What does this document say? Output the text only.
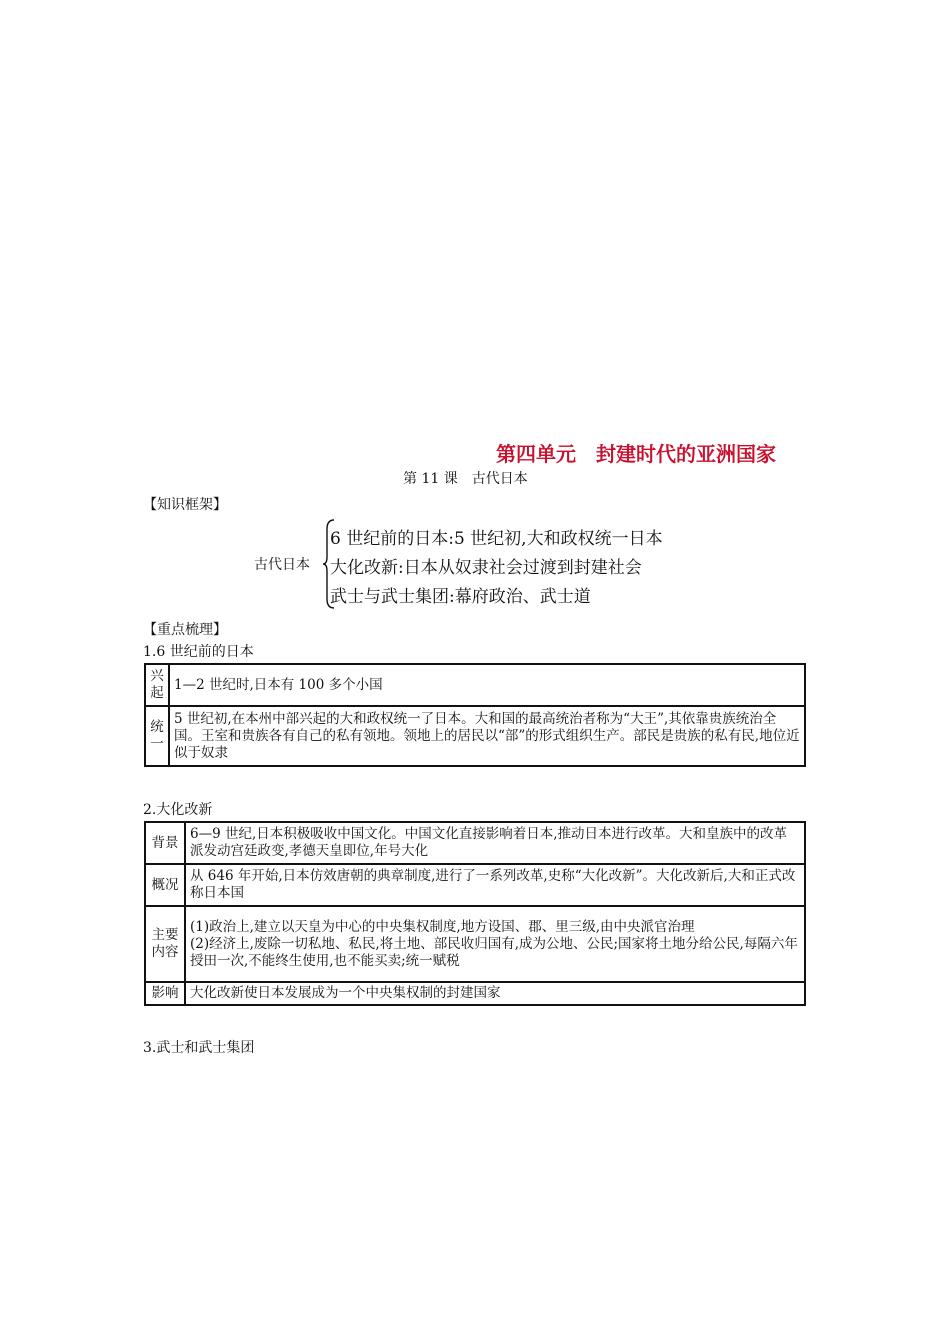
第四单元　封建时代的亚洲国家
第 11 课　古代日本
【知识框架】
古代日本
6 世纪前的日本:5 世纪初,大和政权统一日本
大化改新:日本从奴隶社会过渡到封建社会
武士与武士集团:幕府政治、武士道
【重点梳理】
1.6 世纪前的日本
兴起	1—2 世纪时,日本有 100 多个小国
统一	5 世纪初,在本州中部兴起的大和政权统一了日本。大和国的最高统治者称为“大王”,其依靠贵族统治全国。王室和贵族各有自己的私有领地。领地上的居民以“部”的形式组织生产。部民是贵族的私有民,地位近似于奴隶
2.大化改新
背景	6—9 世纪,日本积极吸收中国文化。中国文化直接影响着日本,推动日本进行改革。大和皇族中的改革派发动宫廷政变,孝德天皇即位,年号大化
概况	从 646 年开始,日本仿效唐朝的典章制度,进行了一系列改革,史称“大化改新”。大化改新后,大和正式改称日本国
主要内容	(1)政治上,建立以天皇为中心的中央集权制度,地方设国、郡、里三级,由中央派官治理
(2)经济上,废除一切私地、私民,将土地、部民收归国有,成为公地、公民;国家将土地分给公民,每隔六年授田一次,不能终生使用,也不能买卖;统一赋税

影响	大化改新使日本发展成为一个中央集权制的封建国家
3.武士和武士集团
